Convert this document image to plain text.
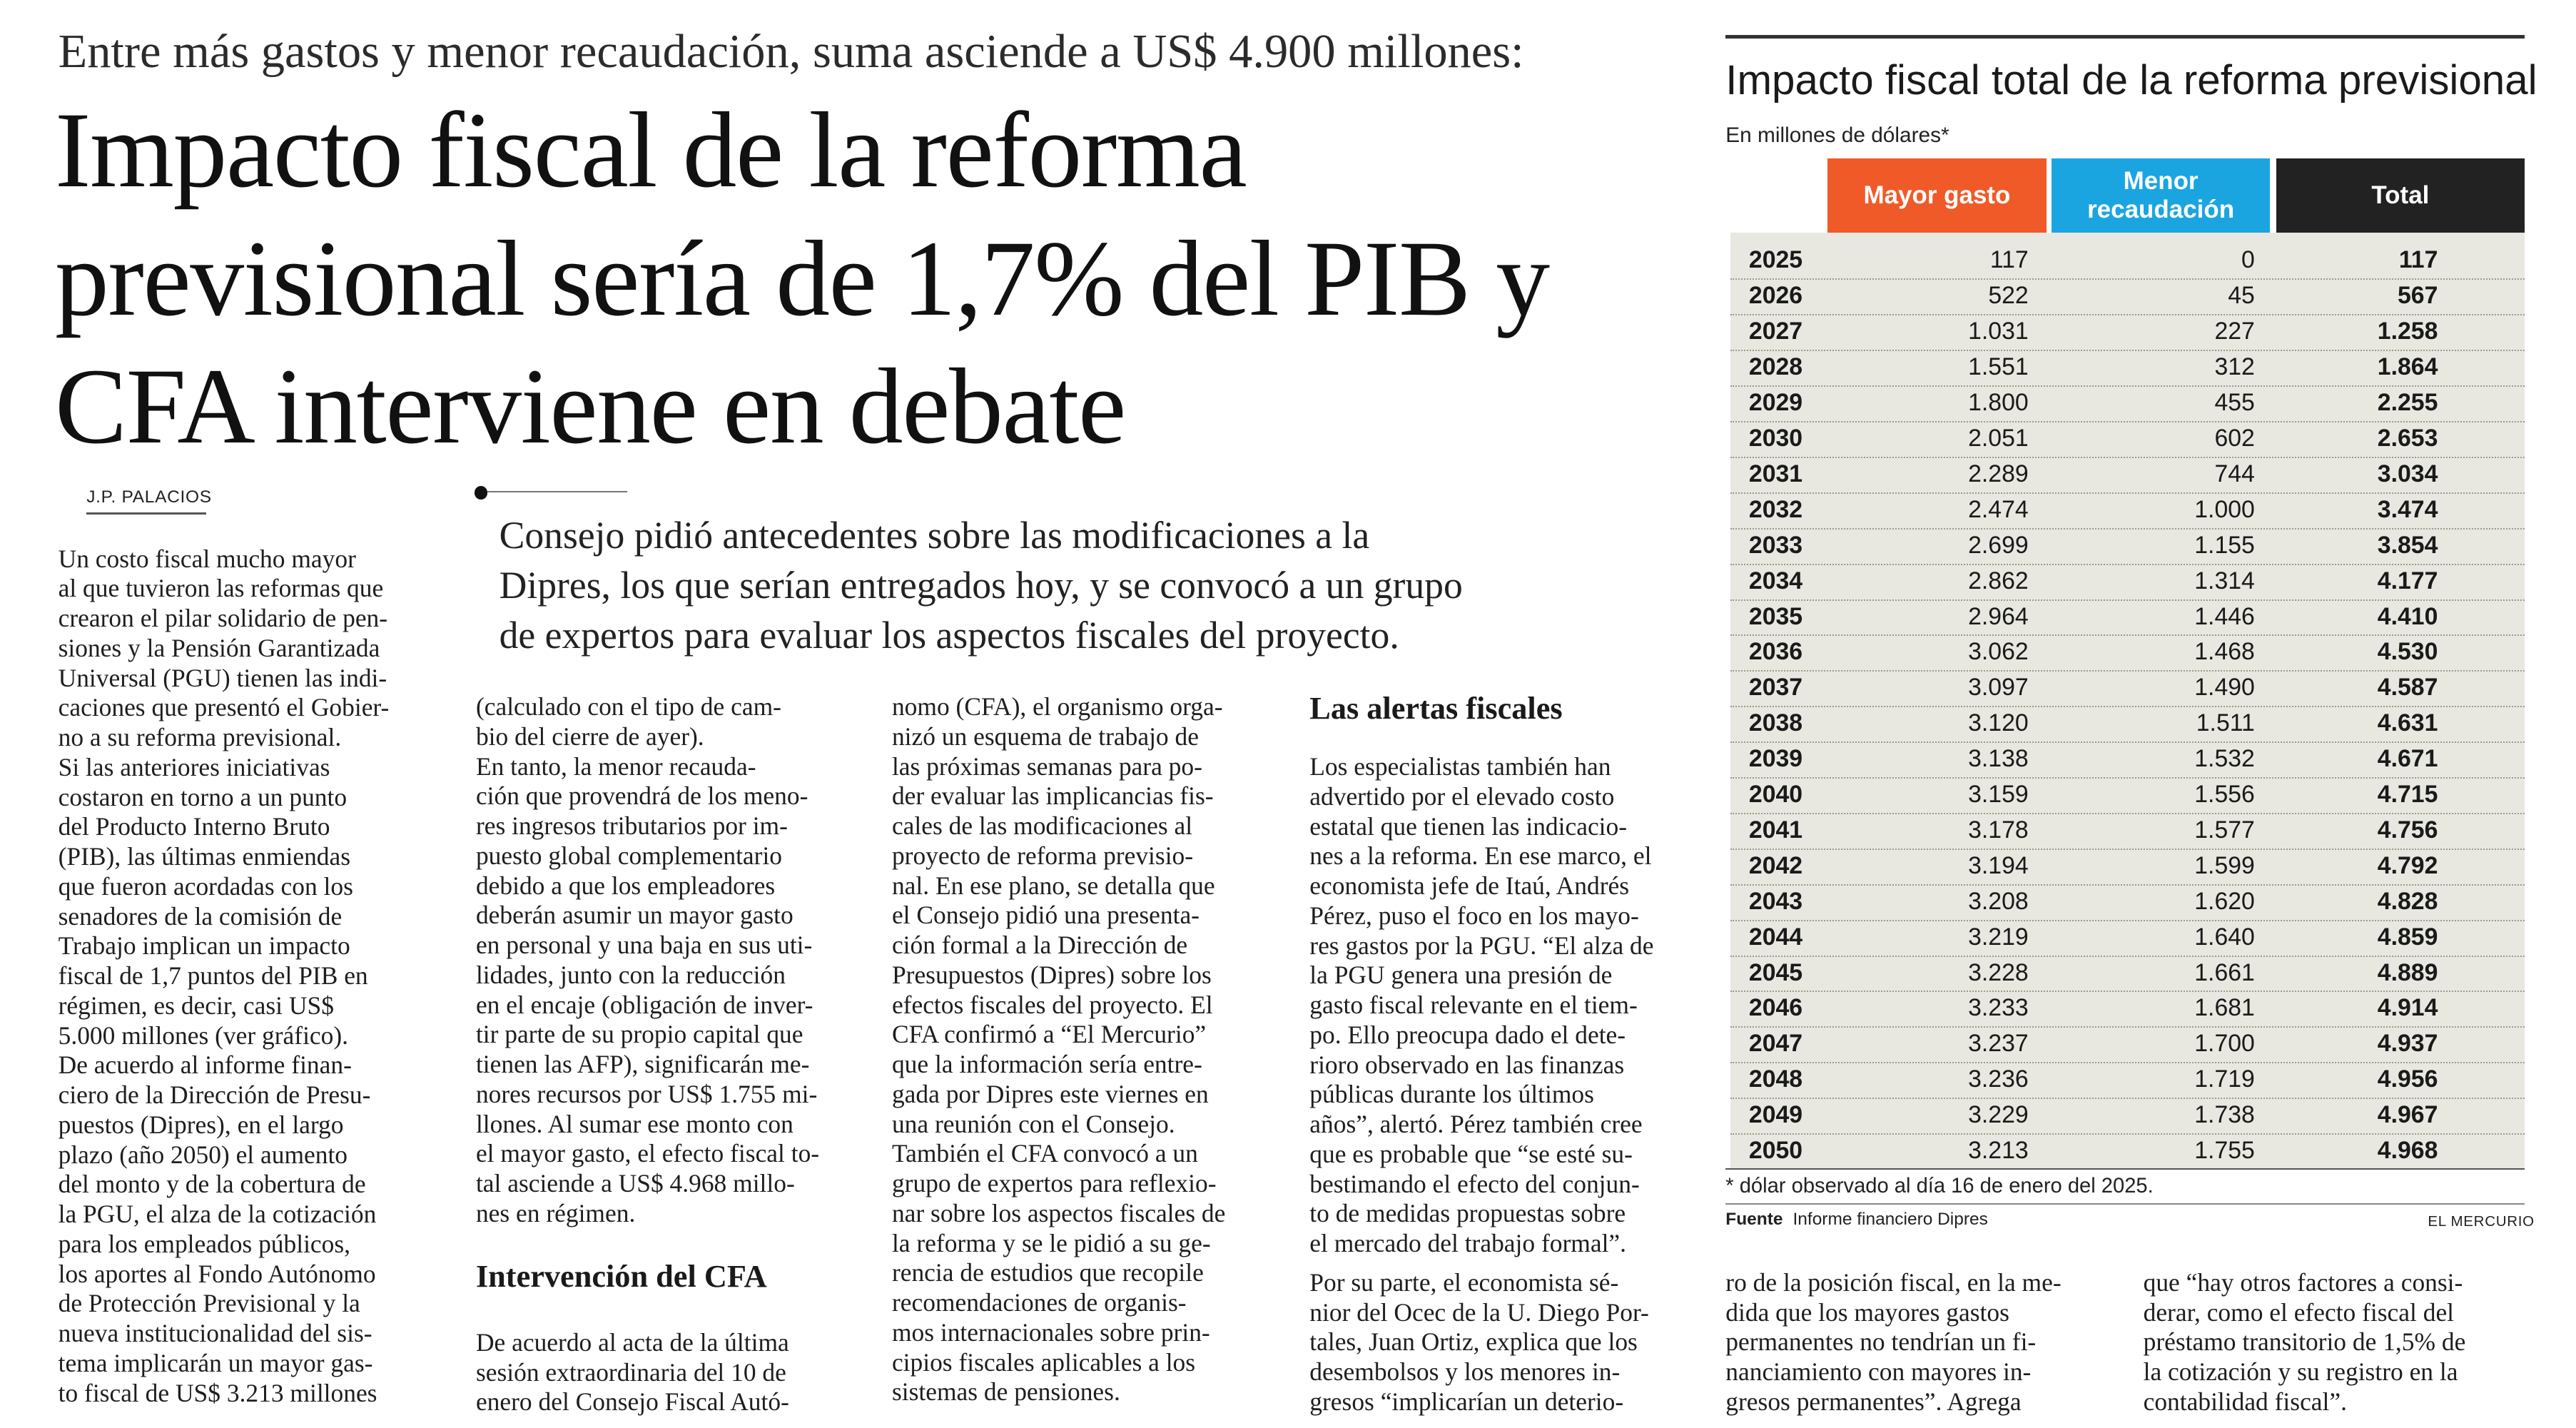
Entre más gastos y menor recaudación, suma asciende a US$ 4.900 millones:
Impacto fiscal de la reforma
previsional sería de 1,7% del PIB y
CFA interviene en debate
J.P. PALACIOS
Consejo pidió antecedentes sobre las modificaciones a la
Dipres, los que serían entregados hoy, y se convocó a un grupo
de expertos para evaluar los aspectos fiscales del proyecto.

Un costo fiscal mucho mayor

al que tuvieron las reformas que

crearon el pilar solidario de pen-

siones y la Pensión Garantizada

Universal (PGU) tienen las indi-

caciones que presentó el Gobier-

no a su reforma previsional.

Si las anteriores iniciativas

costaron en torno a un punto

del Producto Interno Bruto

(PIB), las últimas enmiendas

que fueron acordadas con los

senadores de la comisión de

Trabajo implican un impacto

fiscal de 1,7 puntos del PIB en

régimen, es decir, casi US$

5.000 millones (ver gráfico).

De acuerdo al informe finan-

ciero de la Dirección de Presu-

puestos (Dipres), en el largo

plazo (año 2050) el aumento

del monto y de la cobertura de

la PGU, el alza de la cotización

para los empleados públicos,

los aportes al Fondo Autónomo

de Protección Previsional y la

nueva institucionalidad del sis-

tema implicarán un mayor gas-

to fiscal de US$ 3.213 millones

(calculado con el tipo de cam-

bio del cierre de ayer).

En tanto, la menor recauda-

ción que provendrá de los meno-

res ingresos tributarios por im-

puesto global complementario

debido a que los empleadores

deberán asumir un mayor gasto

en personal y una baja en sus uti-

lidades, junto con la reducción

en el encaje (obligación de inver-

tir parte de su propio capital que

tienen las AFP), significarán me-

nores recursos por US$ 1.755 mi-

llones. Al sumar ese monto con

el mayor gasto, el efecto fiscal to-

tal asciende a US$ 4.968 millo-

nes en régimen.

Intervención del CFA

De acuerdo al acta de la última

sesión extraordinaria del 10 de

enero del Consejo Fiscal Autó-

nomo (CFA), el organismo orga-

nizó un esquema de trabajo de

las próximas semanas para po-

der evaluar las implicancias fis-

cales de las modificaciones al

proyecto de reforma previsio-

nal. En ese plano, se detalla que

el Consejo pidió una presenta-

ción formal a la Dirección de

Presupuestos (Dipres) sobre los

efectos fiscales del proyecto. El

CFA confirmó a “El Mercurio”

que la información sería entre-

gada por Dipres este viernes en

una reunión con el Consejo.

También el CFA convocó a un

grupo de expertos para reflexio-

nar sobre los aspectos fiscales de

la reforma y se le pidió a su ge-

rencia de estudios que recopile

recomendaciones de organis-

mos internacionales sobre prin-

cipios fiscales aplicables a los

sistemas de pensiones.

Las alertas fiscales

Los especialistas también han

advertido por el elevado costo

estatal que tienen las indicacio-

nes a la reforma. En ese marco, el

economista jefe de Itaú, Andrés

Pérez, puso el foco en los mayo-

res gastos por la PGU. “El alza de

la PGU genera una presión de

gasto fiscal relevante en el tiem-

po. Ello preocupa dado el dete-

rioro observado en las finanzas

públicas durante los últimos

años”, alertó. Pérez también cree

que es probable que “se esté su-

bestimando el efecto del conjun-

to de medidas propuestas sobre

el mercado del trabajo formal”.

Por su parte, el economista sé-

nior del Ocec de la U. Diego Por-

tales, Juan Ortiz, explica que los

desembolsos y los menores in-

gresos “implicarían un deterio-

ro de la posición fiscal, en la me-

dida que los mayores gastos

permanentes no tendrían un fi-

nanciamiento con mayores in-

gresos permanentes”. Agrega

que “hay otros factores a consi-

derar, como el efecto fiscal del

préstamo transitorio de 1,5% de

la cotización y su registro en la

contabilidad fiscal”.

Impacto fiscal total de la reforma previsional
En millones de dólares*
Mayor gasto
Menor recaudación
Total
2025	117	0	117
2026	522	45	567
2027	1.031	227	1.258
2028	1.551	312	1.864
2029	1.800	455	2.255
2030	2.051	602	2.653
2031	2.289	744	3.034
2032	2.474	1.000	3.474
2033	2.699	1.155	3.854
2034	2.862	1.314	4.177
2035	2.964	1.446	4.410
2036	3.062	1.468	4.530
2037	3.097	1.490	4.587
2038	3.120	1.511	4.631
2039	3.138	1.532	4.671
2040	3.159	1.556	4.715
2041	3.178	1.577	4.756
2042	3.194	1.599	4.792
2043	3.208	1.620	4.828
2044	3.219	1.640	4.859
2045	3.228	1.661	4.889
2046	3.233	1.681	4.914
2047	3.237	1.700	4.937
2048	3.236	1.719	4.956
2049	3.229	1.738	4.967
2050	3.213	1.755	4.968
* dólar observado al día 16 de enero del 2025.
Fuente Informe financiero Dipres	EL MERCURIO
